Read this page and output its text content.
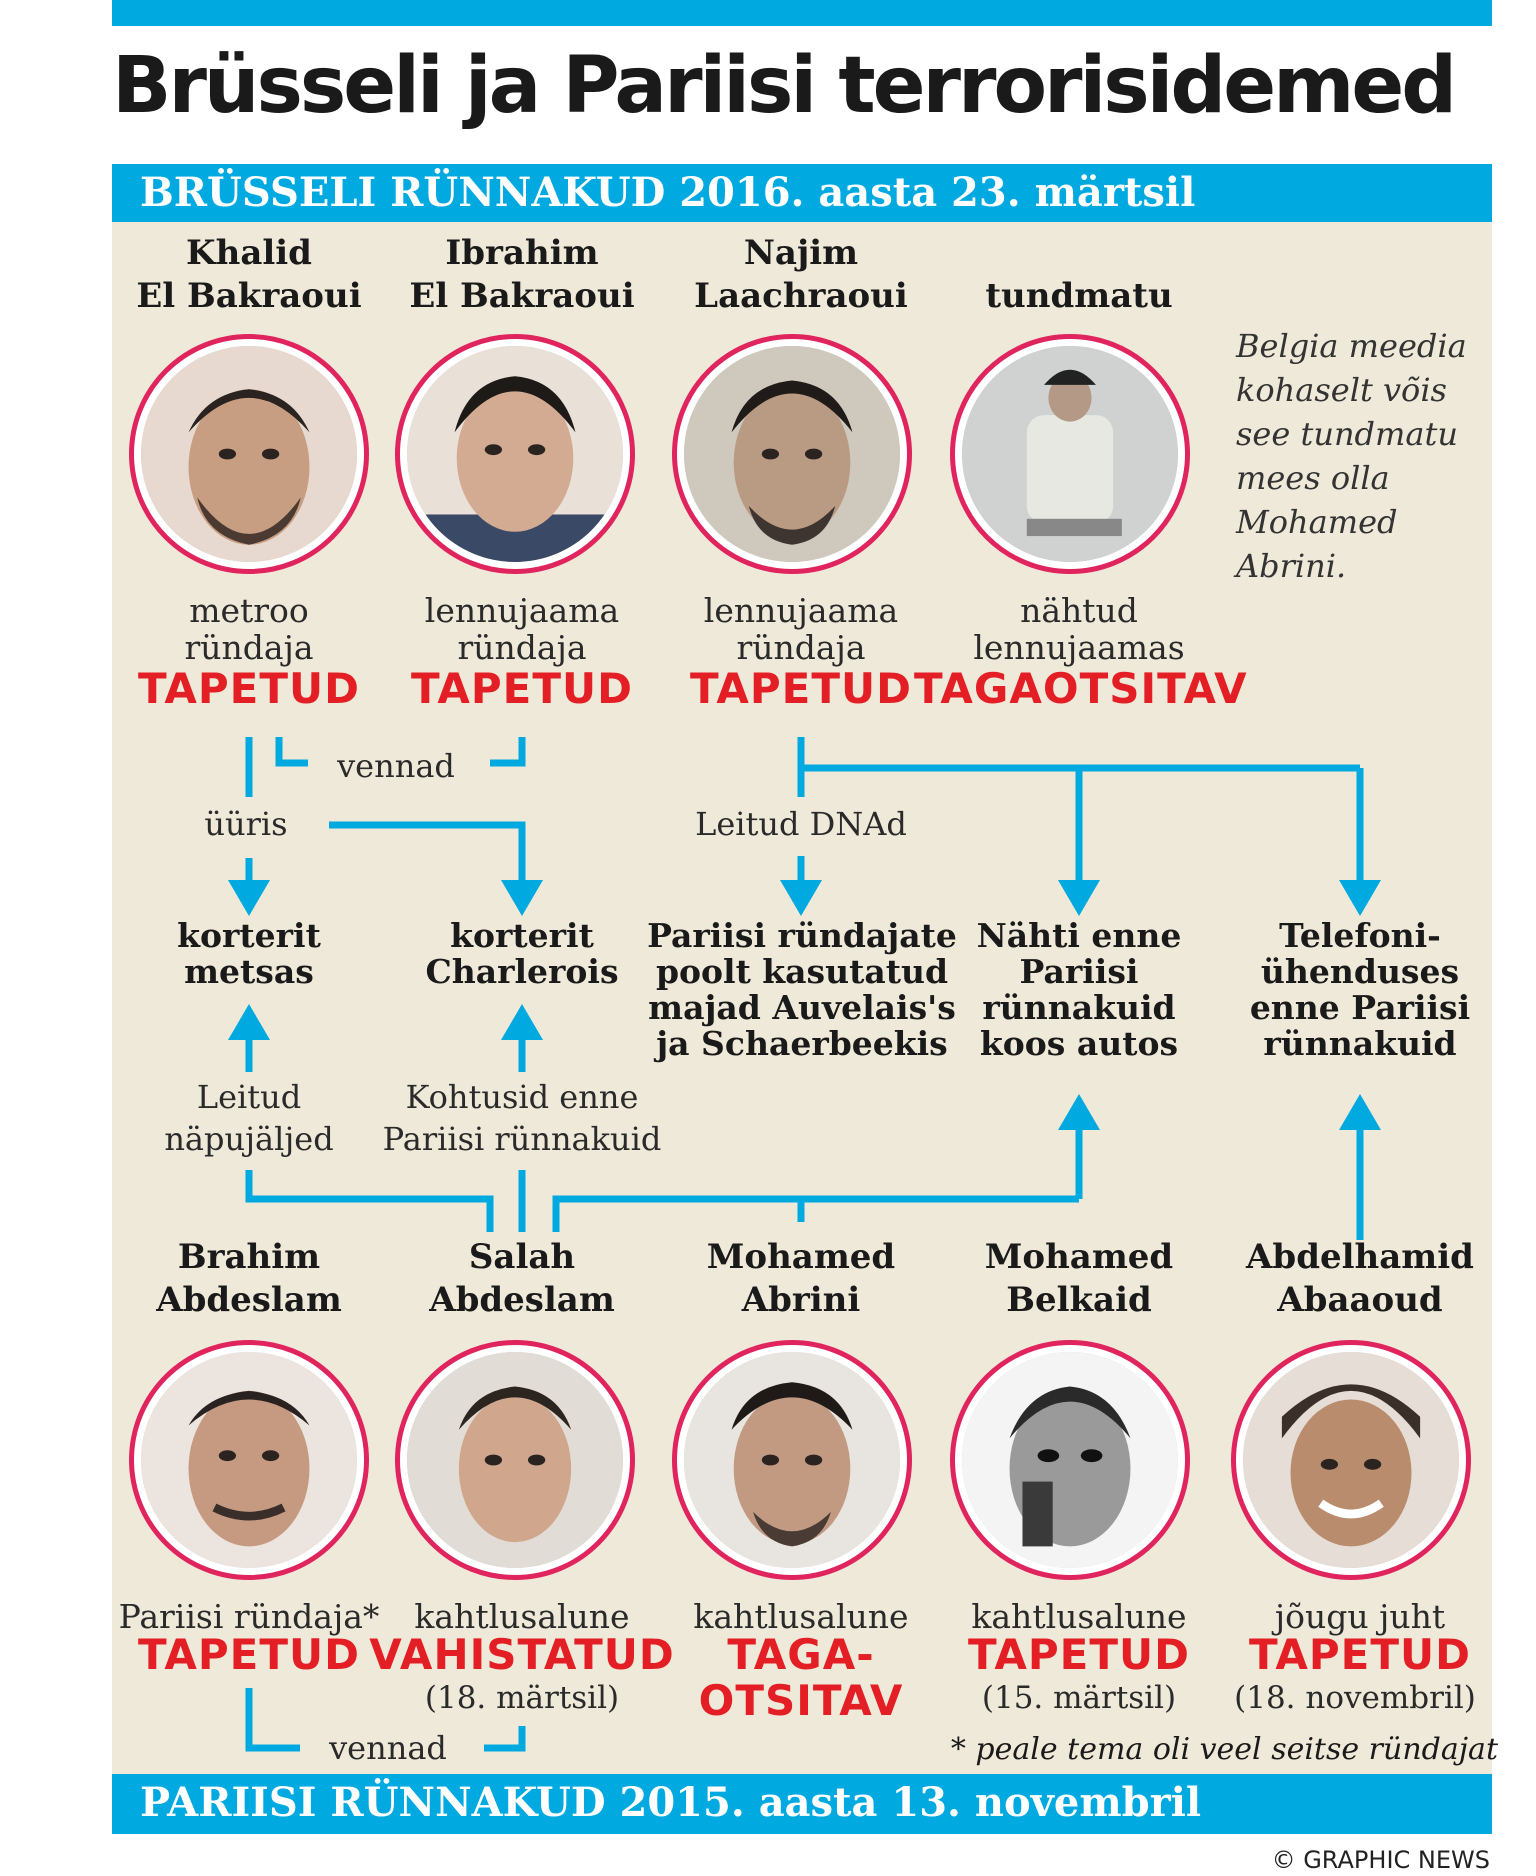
Brüsseli ja Pariisi terrorisidemed
BRÜSSELI RÜNNAKUD 2016. aasta 23. märtsil
Khalid
El Bakraoui
Ibrahim
El Bakraoui
Najim
Laachraoui	tundmatu
metroo
ründaja
lennujaama
ründaja
lennujaama
ründaja
nähtud
lennujaamas
TAPETUD	TAPETUD	TAPETUD TAGAOTSITAV
Belgia meedia
kohaselt võis
see tundmatu
mees olla
Mohamed
Abrini.
vennad
üüris	Leitud DNAd
korterit
metsas
korterit
Charlerois
Pariisi ründajate
poolt kasutatud
majad Auvelais's
ja Schaerbeekis
Nähti enne
Pariisi
rünnakuid
koos autos
Telefoni-
ühenduses
enne Pariisi
rünnakuid
Leitud
näpujäljed
Kohtusid enne
Pariisi rünnakuid
Brahim
Abdeslam
Salah
Abdeslam
Mohamed
Abrini
Mohamed
Belkaid
Abdelhamid
Abaaoud
Pariisi ründaja*	kahtlusalune	kahtlusalune	kahtlusalune	jõugu juht
TAPETUD VAHISTATUD	TAGA-
OTSITAV
TAPETUD	TAPETUD
(18. märtsil)	(15. märtsil)	(18. novembril)
vennad	* peale tema oli veel seitse ründajat
PARIISI RÜNNAKUD 2015. aasta 13. novembril
© GRAPHIC NEWS
